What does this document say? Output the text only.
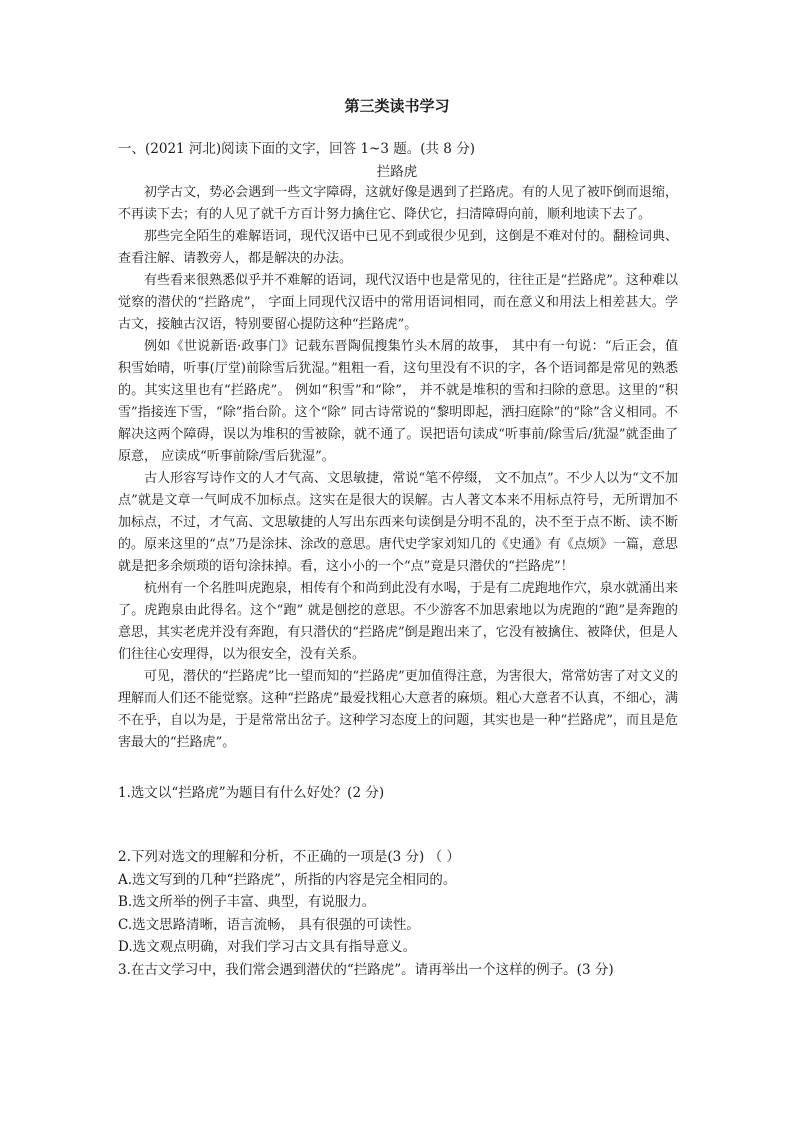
第三类读书学习
一、(2021 河北)阅读下面的文字，回答 1~3 题。(共 8 分)
拦路虎

初学古文，势必会遇到一些文字障碍，这就好像是遇到了拦路虎。有的人见了被吓倒而退缩， 不再读下去；有的人见了就千方百计努力擒住它、降伏它，扫清障碍向前，顺利地读下去了。

那些完全陌生的难解语词，现代汉语中已见不到或很少见到，这倒是不难对付的。翻检词典、查看注解、请教旁人，都是解决的办法。

有些看来很熟悉似乎并不难解的语词，现代汉语中也是常见的，往往正是“拦路虎”。这种难以觉察的潜伏的“拦路虎”， 字面上同现代汉语中的常用语词相同，而在意义和用法上相差甚大。学古文，接触古汉语，特别要留心提防这种“拦路虎”。

例如《世说新语·政事门》记载东晋陶侃搜集竹头木屑的故事， 其中有一句说：“后正会，值积雪始晴，听事(厅堂)前除雪后犹湿。”粗粗一看，这句里没有不识的字，各个语词都是常见的熟悉的。其实这里也有“拦路虎”。 例如“积雪”和“除”， 并不就是堆积的雪和扫除的意思。这里的“积雪”指接连下雪，“除”指台阶。这个“除” 同古诗常说的“黎明即起，洒扫庭除”的“除”含义相同。不解决这两个障碍，误以为堆积的雪被除，就不通了。误把语句读成“听事前/除雪后/犹湿”就歪曲了原意， 应读成“听事前除/雪后犹湿”。

古人形容写诗作文的人才气高、文思敏捷，常说“笔不停缀， 文不加点”。不少人以为“文不加点”就是文章一气呵成不加标点。这实在是很大的误解。古人著文本来不用标点符号，无所谓加不加标点，不过，才气高、文思敏捷的人写出东西来句读倒是分明不乱的，决不至于点不断、读不断的。原来这里的“点”乃是涂抹、涂改的意思。唐代史学家刘知几的《史通》有《点烦》一篇，意思就是把多余烦琐的语句涂抹掉。看，这小小的一个“点”竟是只潜伏的“拦路虎”！

杭州有一个名胜叫虎跑泉，相传有个和尚到此没有水喝，于是有二虎跑地作穴，泉水就涌出来了。虎跑泉由此得名。这个“跑” 就是刨挖的意思。不少游客不加思索地以为虎跑的“跑”是奔跑的意思，其实老虎并没有奔跑，有只潜伏的“拦路虎”倒是跑出来了，它没有被擒住、被降伏，但是人们往往心安理得，以为很安全，没有关系。

可见，潜伏的“拦路虎”比一望而知的“拦路虎”更加值得注意，为害很大，常常妨害了对文义的理解而人们还不能觉察。这种“拦路虎”最爱找粗心大意者的麻烦。粗心大意者不认真，不细心，满不在乎，自以为是，于是常常出岔子。这种学习态度上的问题，其实也是一种“拦路虎”，而且是危害最大的“拦路虎”。

1.选文以“拦路虎”为题目有什么好处？(2 分)
2.下列对选文的理解和分析，不正确的一项是(3 分) （ ）
A.选文写到的几种“拦路虎”，所指的内容是完全相同的。
B.选文所举的例子丰富、典型，有说服力。
C.选文思路清晰，语言流畅， 具有很强的可读性。
D.选文观点明确，对我们学习古文具有指导意义。
3.在古文学习中，我们常会遇到潜伏的“拦路虎”。请再举出一个这样的例子。(3 分)
